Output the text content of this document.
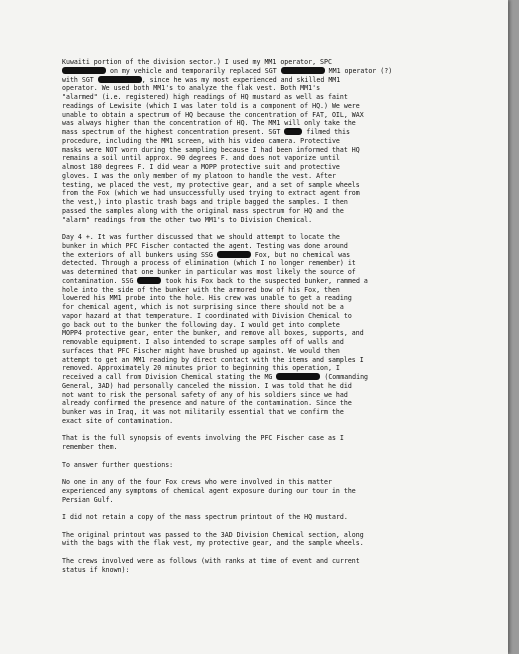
Kuwaiti portion of the division sector.) I used my MM1 operator, SPC
on my vehicle and temporarily replaced SGT	MM1 operator (?)
with SGT	, since he was my most experienced and skilled MM1
operator. We used both MM1's to analyze the flak vest. Both MM1's
"alarmed" (i.e. registered) high readings of HQ mustard as well as faint
readings of Lewisite (which I was later told is a component of HQ.) We were
unable to obtain a spectrum of HQ because the concentration of FAT, OIL, WAX
was always higher than the concentration of HQ. The MM1 will only take the
mass spectrum of the highest concentration present. SGT	filmed this
procedure, including the MM1 screen, with his video camera. Protective
masks were NOT worn during the sampling because I had been informed that HQ
remains a soil until approx. 90 degrees F. and does not vaporize until
almost 180 degrees F. I did wear a MOPP protective suit and protective
gloves. I was the only member of my platoon to handle the vest. After
testing, we placed the vest, my protective gear, and a set of sample wheels
from the Fox (which we had unsuccessfully used trying to extract agent from
the vest,) into plastic trash bags and triple bagged the samples. I then
passed the samples along with the original mass spectrum for HQ and the
"alarm" readings from the other two MM1's to Division Chemical.
Day 4 +. It was further discussed that we should attempt to locate the
bunker in which PFC Fischer contacted the agent. Testing was done around
the exteriors of all bunkers using SSG	Fox, but no chemical was
detected. Through a process of elimination (which I no longer remember) it
was determined that one bunker in particular was most likely the source of
contamination. SSG	took his Fox back to the suspected bunker, rammed a
hole into the side of the bunker with the armored bow of his Fox, then
lowered his MM1 probe into the hole. His crew was unable to get a reading
for chemical agent, which is not surprising since there should not be a
vapor hazard at that temperature. I coordinated with Division Chemical to
go back out to the bunker the following day. I would get into complete
MOPP4 protective gear, enter the bunker, and remove all boxes, supports, and
removable equipment. I also intended to scrape samples off of walls and
surfaces that PFC Fischer might have brushed up against. We would then
attempt to get an MM1 reading by direct contact with the items and samples I
removed. Approximately 20 minutes prior to beginning this operation, I
received a call from Division Chemical stating the MG	(Commanding
General, 3AD) had personally canceled the mission. I was told that he did
not want to risk the personal safety of any of his soldiers since we had
already confirmed the presence and nature of the contamination. Since the
bunker was in Iraq, it was not militarily essential that we confirm the
exact site of contamination.
That is the full synopsis of events involving the PFC Fischer case as I
remember them.
To answer further questions:
No one in any of the four Fox crews who were involved in this matter
experienced any symptoms of chemical agent exposure during our tour in the
Persian Gulf.
I did not retain a copy of the mass spectrum printout of the HQ mustard.
The original printout was passed to the 3AD Division Chemical section, along
with the bags with the flak vest, my protective gear, and the sample wheels.
The crews involved were as follows (with ranks at time of event and current
status if known):
